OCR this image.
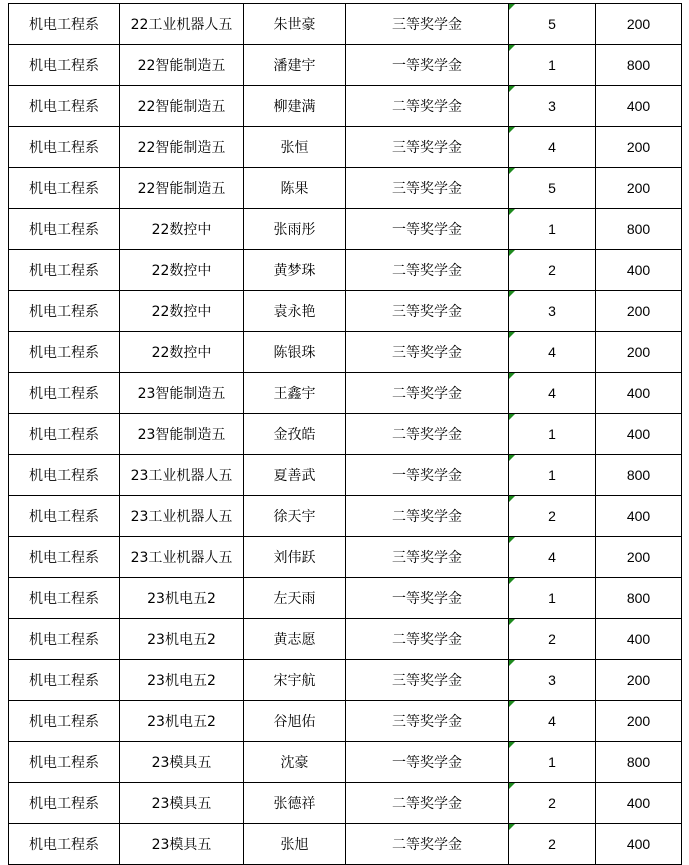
机电工程系	22工业机器人五	朱世豪	三等奖学金	5	200
机电工程系	22智能制造五	潘建宇	一等奖学金	1	800
机电工程系	22智能制造五	柳建满	二等奖学金	3	400
机电工程系	22智能制造五	张恒	三等奖学金	4	200
机电工程系	22智能制造五	陈果	三等奖学金	5	200
机电工程系	22数控中	张雨彤	一等奖学金	1	800
机电工程系	22数控中	黄梦珠	二等奖学金	2	400
机电工程系	22数控中	袁永艳	三等奖学金	3	200
机电工程系	22数控中	陈银珠	三等奖学金	4	200
机电工程系	23智能制造五	王鑫宇	二等奖学金	4	400
机电工程系	23智能制造五	金孜皓	二等奖学金	1	400
机电工程系	23工业机器人五	夏善武	一等奖学金	1	800
机电工程系	23工业机器人五	徐天宇	二等奖学金	2	400
机电工程系	23工业机器人五	刘伟跃	三等奖学金	4	200
机电工程系	23机电五2	左天雨	一等奖学金	1	800
机电工程系	23机电五2	黄志愿	二等奖学金	2	400
机电工程系	23机电五2	宋宇航	三等奖学金	3	200
机电工程系	23机电五2	谷旭佑	三等奖学金	4	200
机电工程系	23模具五	沈豪	一等奖学金	1	800
机电工程系	23模具五	张德祥	二等奖学金	2	400
机电工程系	23模具五	张旭	二等奖学金	2	400
